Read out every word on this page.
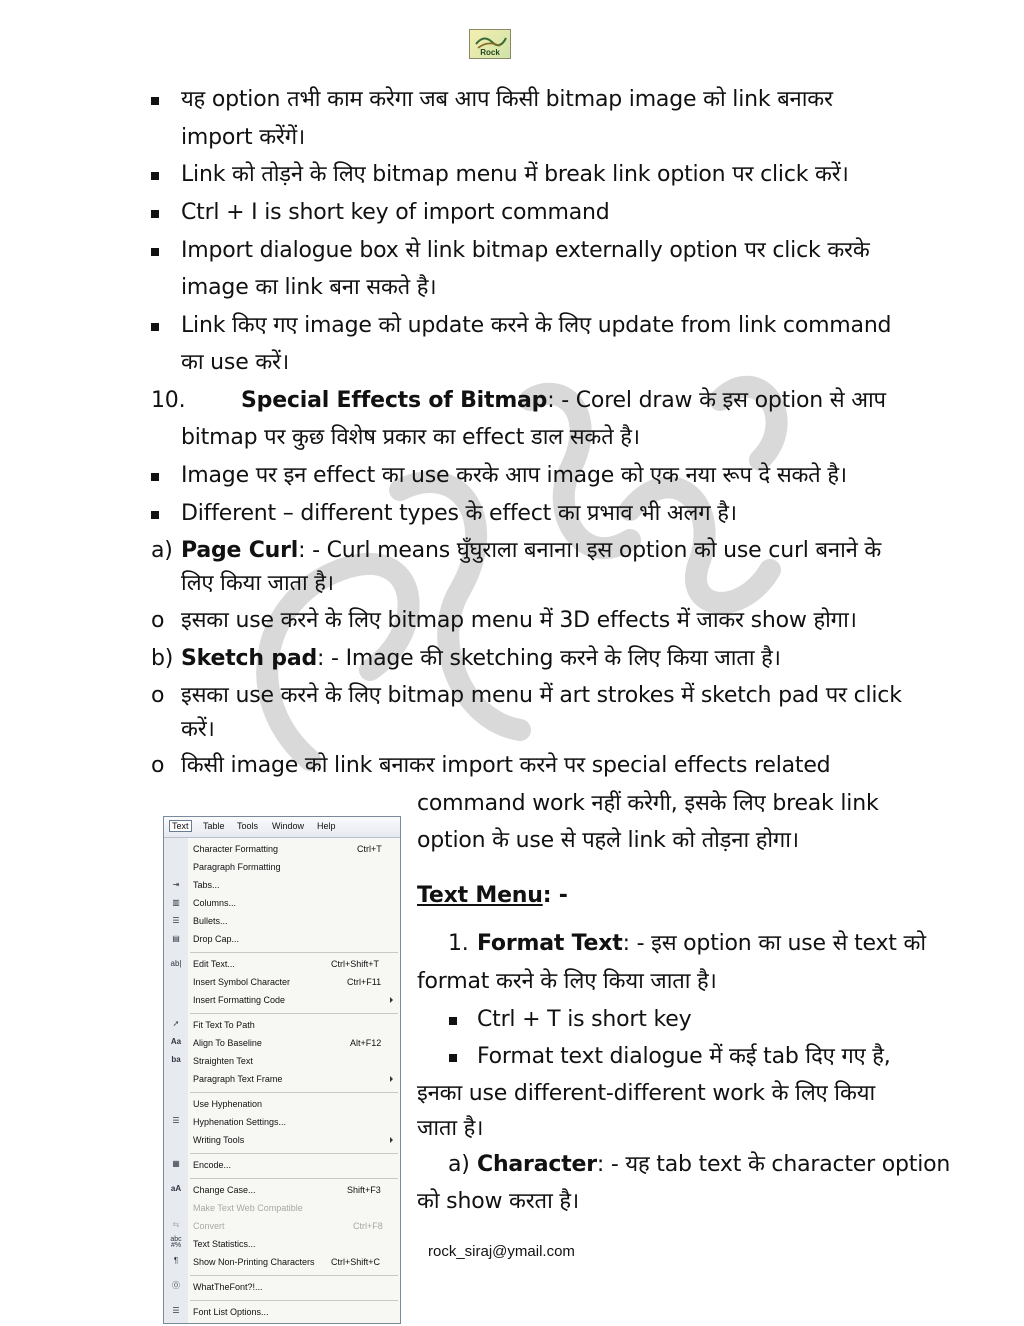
Rock
यह option तभी काम करेगा जब आप किसी bitmap image को link बनाकर
import करेंगें।
Link को तोड़ने के लिए bitmap menu में break link option पर click करें।
Ctrl + I is short key of import command
Import dialogue box से link bitmap externally option पर click करके
image का link बना सकते है।
Link किए गए image को update करने के लिए update from link command
का use करें।
10.	Special Effects of Bitmap: - Corel draw के इस option से आप
bitmap पर कुछ विशेष प्रकार का effect डाल सकते है।
Image पर इन effect का use करके आप image को एक नया रूप दे सकते है।
Different – different types के effect का प्रभाव भी अलग है।
a) Page Curl: - Curl means घुँघुराला बनाना। इस option को use curl बनाने के
लिए किया जाता है।
o इसका use करने के लिए bitmap menu में 3D effects में जाकर show होगा।
b) Sketch pad: - Image की sketching करने के लिए किया जाता है।
o इसका use करने के लिए bitmap menu में art strokes में sketch pad पर click
करें।
o किसी image को link बनाकर import करने पर special effects related
command work नहीं करेगी, इसके लिए break link
option के use से पहले link को तोड़ना होगा।
Text Menu: -
1. Format Text: - इस option का use से text को
format करने के लिए किया जाता है।
Ctrl + T is short key
Format text dialogue में कई tab दिए गए है,
इनका use different-different work के लिए किया
जाता है।
a) Character: - यह tab text के character option
को show करता है।
Text	Table Tools Window Help
Character Formatting	Ctrl+T
Paragraph Formatting
⇥	Tabs...
▥	Columns...
☰	Bullets...
▤	Drop Cap...
ab| Edit Text...	Ctrl+Shift+T
Insert Symbol Character	Ctrl+F11
Insert Formatting Code
➚	Fit Text To Path
Aa Align To Baseline	Alt+F12
ba Straighten Text
Paragraph Text Frame
Use Hyphenation
☰	Hyphenation Settings...
Writing Tools
▦	Encode...
aA Change Case...	Shift+F3
Make Text Web Compatible
⇆	Convert	Ctrl+F8
abc
#% Text Statistics...
¶	Show Non-Printing Characters Ctrl+Shift+C
⓪	WhatTheFont?!...
☰	Font List Options...
rock_siraj@ymail.com
